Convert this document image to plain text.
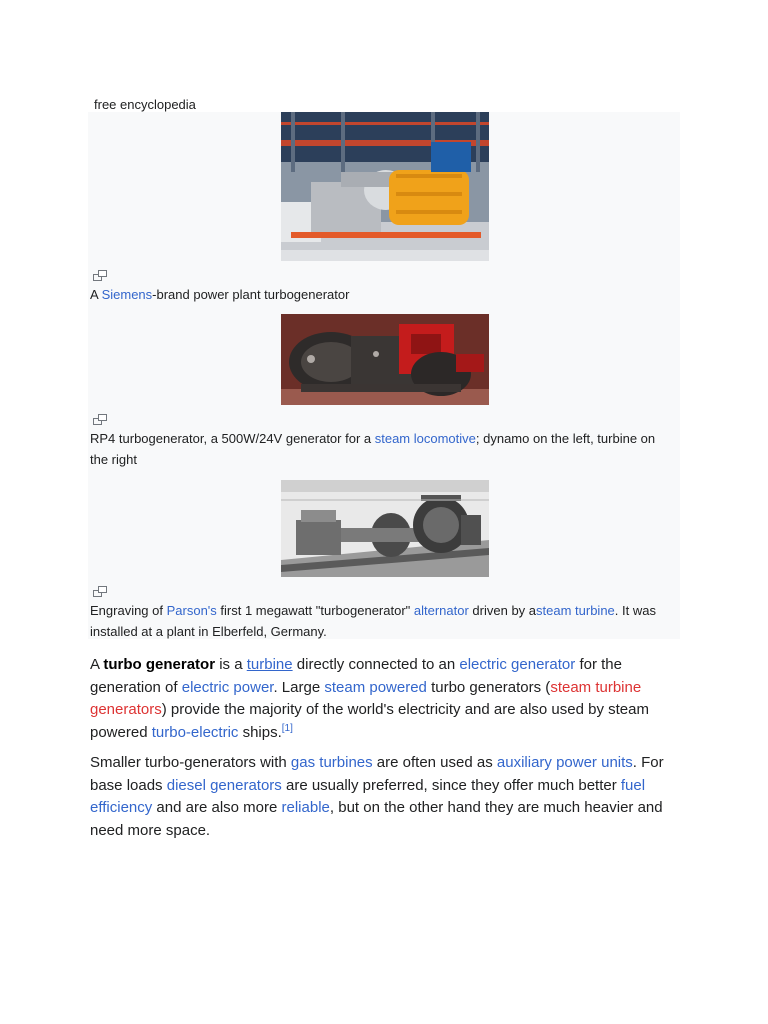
free encyclopedia
A Siemens-brand power plant turbogenerator
RP4 turbogenerator, a 500W/24V generator for a steam locomotive; dynamo on the left, turbine on the right
Engraving of Parson's first 1 megawatt "turbogenerator" alternator driven by asteam turbine. It was installed at a plant in Elberfeld, Germany.

A turbo generator is a turbine directly connected to an electric generator for the generation of electric power. Large steam powered turbo generators (steam turbine generators) provide the majority of the world's electricity and are also used by steam powered turbo-electric ships.[1]

Smaller turbo-generators with gas turbines are often used as auxiliary power units. For base loads diesel generators are usually preferred, since they offer much better fuel efficiency and are also more reliable, but on the other hand they are much heavier and need more space.
